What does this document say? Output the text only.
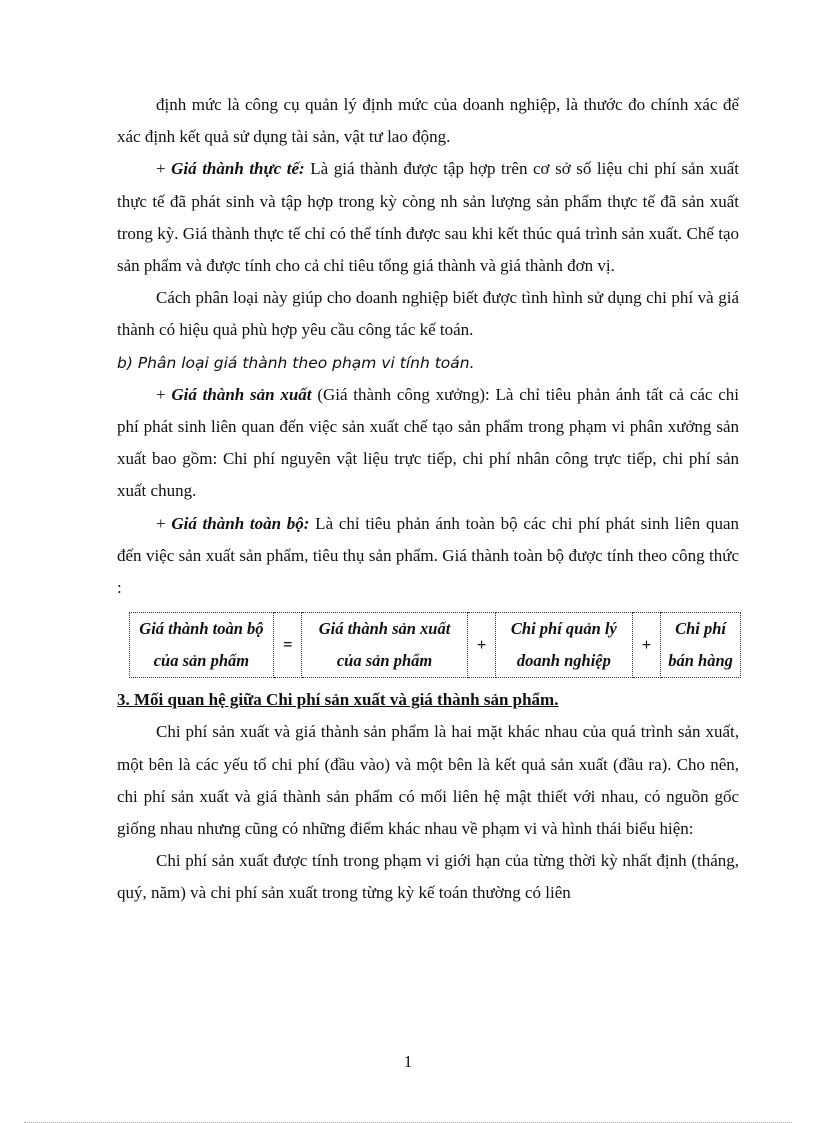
định mức là công cụ quản lý định mức của doanh nghiệp, là thước đo chính xác để xác định kết quả sử dụng tài sản, vật tư lao động.

+ Giá thành thực tế: Là giá thành được tập hợp trên cơ sở số liệu chi phí sản xuất thực tế đã phát sinh và tập hợp trong kỳ còng nh sản lượng sản phẩm thực tế đã sản xuất trong kỳ. Giá thành thực tế chỉ có thể tính được sau khi kết thúc quá trình sản xuất. Chế tạo sản phẩm và được tính cho cả chỉ tiêu tổng giá thành và giá thành đơn vị.

Cách phân loại này giúp cho doanh nghiệp biết được tình hình sử dụng chi phí và giá thành có hiệu quả phù hợp yêu cầu công tác kế toán.

b) Phân loại giá thành theo phạm vi tính toán.

+ Giá thành sản xuất (Giá thành công xưởng): Là chỉ tiêu phản ánh tất cả các chi phí phát sinh liên quan đến việc sản xuất chế tạo sản phẩm trong phạm vi phân xưởng sản xuất bao gồm: Chi phí nguyên vật liệu trực tiếp, chi phí nhân công trực tiếp, chi phí sản xuất chung.

+ Giá thành toàn bộ: Là chỉ tiêu phản ánh toàn bộ các chi phí phát sinh liên quan đến việc sản xuất sản phẩm, tiêu thụ sản phẩm. Giá thành toàn bộ được tính theo công thức :

Giá thành toàn bộ của sản phẩm	=	Giá thành sản xuất của sản phẩm	+	Chi phí quản lý doanh nghiệp	+	Chi phí bán hàng

3. Mối quan hệ giữa Chi phí sản xuất và giá thành sản phẩm.

Chi phí sản xuất và giá thành sản phẩm là hai mặt khác nhau của quá trình sản xuất, một bên là các yếu tố chi phí (đầu vào) và một bên là kết quả sản xuất (đầu ra). Cho nên, chi phí sản xuất và giá thành sản phẩm có mối liên hệ mật thiết với nhau, có nguồn gốc giống nhau nhưng cũng có những điểm khác nhau về phạm vi và hình thái biểu hiện:

Chi phí sản xuất được tính trong phạm vi giới hạn của từng thời kỳ nhất định (tháng, quý, năm) và chi phí sản xuất trong từng kỳ kế toán thường có liên

1
